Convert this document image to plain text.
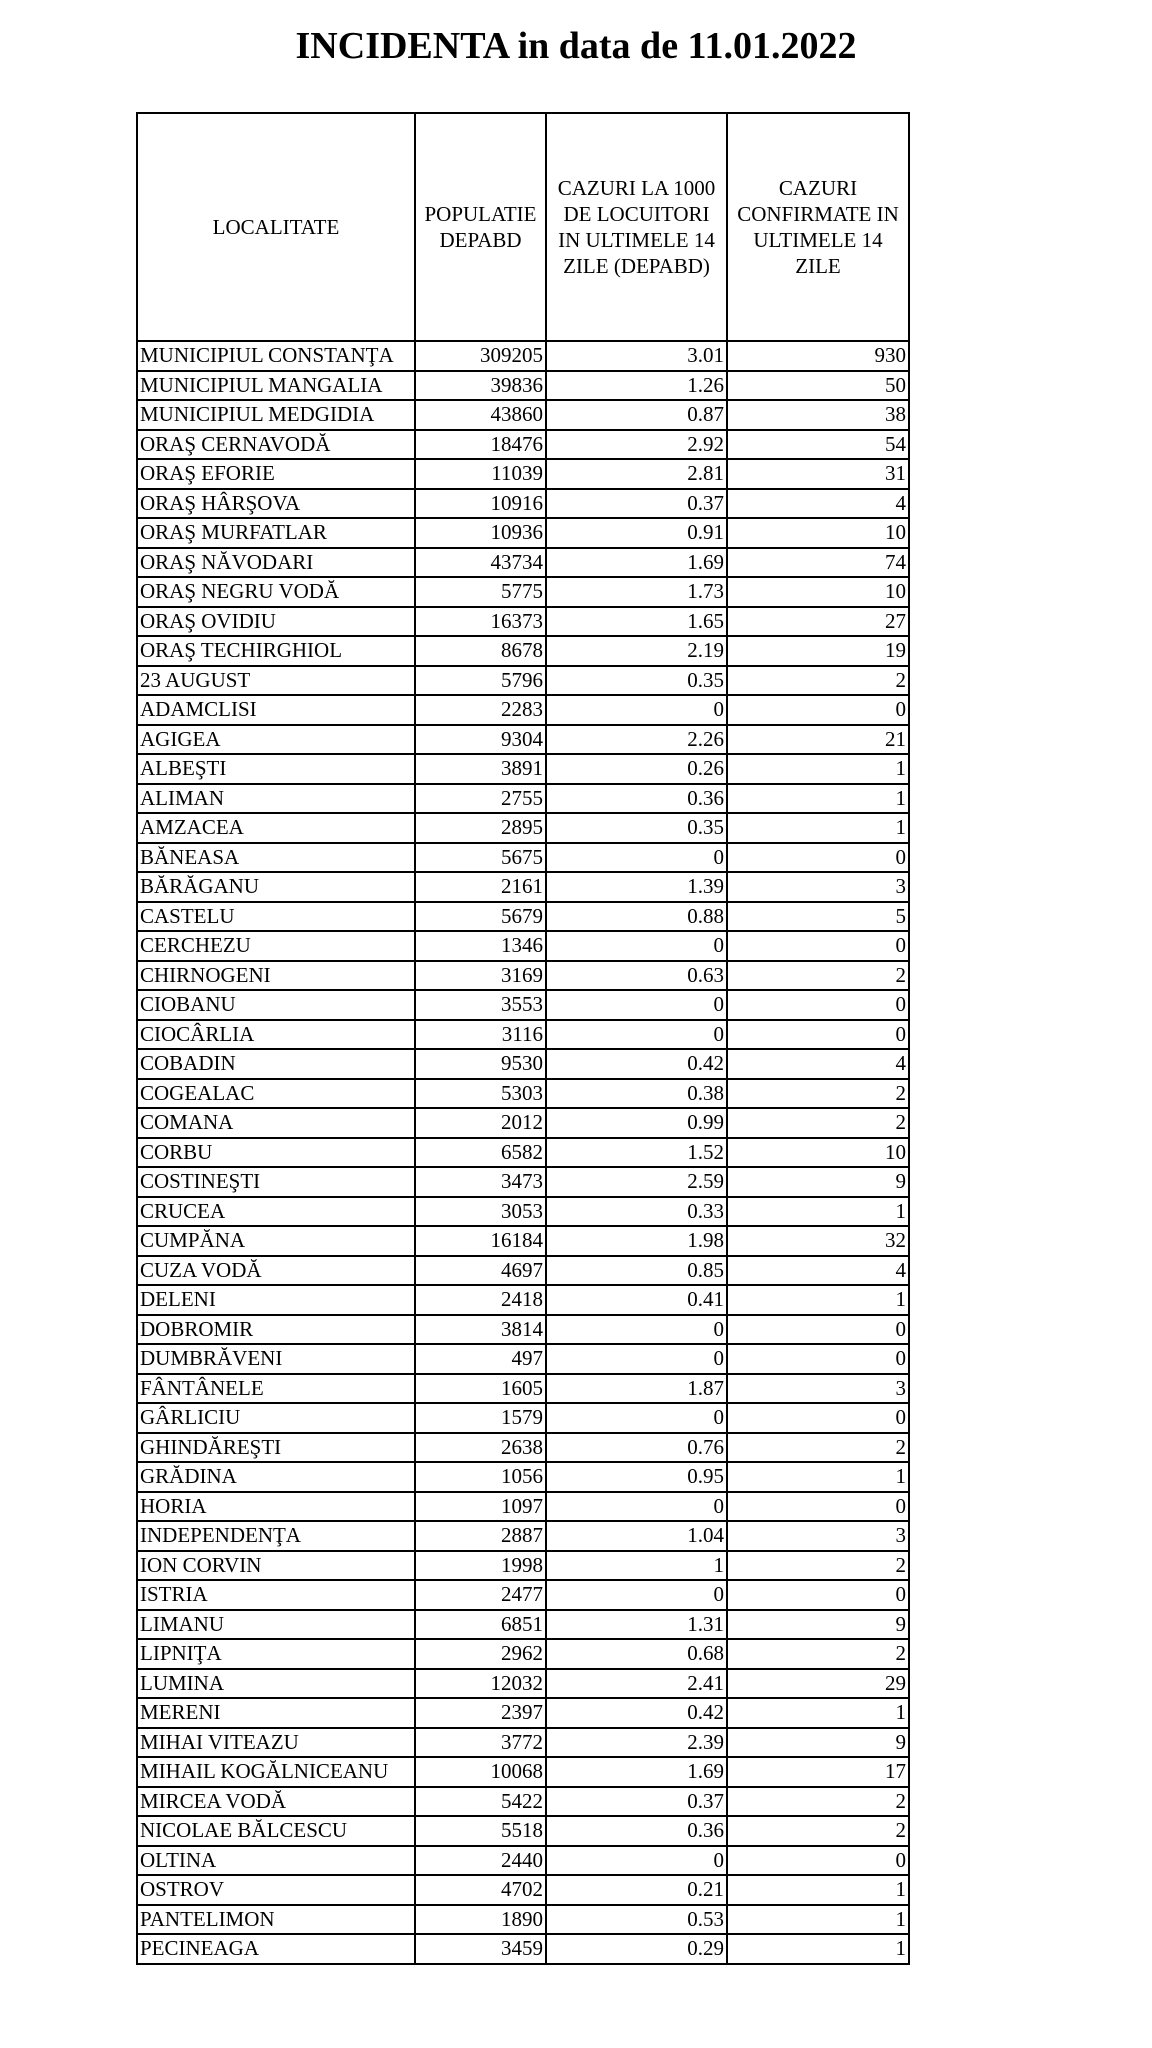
INCIDENTA in data de 11.01.2022
LOCALITATE	POPULATIE DEPABD	CAZURI LA 1000 DE LOCUITORI IN ULTIMELE 14 ZILE (DEPABD)	CAZURI CONFIRMATE IN ULTIMELE 14 ZILE
MUNICIPIUL CONSTANŢA	309205	3.01	930
MUNICIPIUL MANGALIA	39836	1.26	50
MUNICIPIUL MEDGIDIA	43860	0.87	38
ORAŞ CERNAVODĂ	18476	2.92	54
ORAŞ EFORIE	11039	2.81	31
ORAŞ HÂRŞOVA	10916	0.37	4
ORAŞ MURFATLAR	10936	0.91	10
ORAŞ NĂVODARI	43734	1.69	74
ORAŞ NEGRU VODĂ	5775	1.73	10
ORAŞ OVIDIU	16373	1.65	27
ORAŞ TECHIRGHIOL	8678	2.19	19
23 AUGUST	5796	0.35	2
ADAMCLISI	2283	0	0
AGIGEA	9304	2.26	21
ALBEŞTI	3891	0.26	1
ALIMAN	2755	0.36	1
AMZACEA	2895	0.35	1
BĂNEASA	5675	0	0
BĂRĂGANU	2161	1.39	3
CASTELU	5679	0.88	5
CERCHEZU	1346	0	0
CHIRNOGENI	3169	0.63	2
CIOBANU	3553	0	0
CIOCÂRLIA	3116	0	0
COBADIN	9530	0.42	4
COGEALAC	5303	0.38	2
COMANA	2012	0.99	2
CORBU	6582	1.52	10
COSTINEŞTI	3473	2.59	9
CRUCEA	3053	0.33	1
CUMPĂNA	16184	1.98	32
CUZA VODĂ	4697	0.85	4
DELENI	2418	0.41	1
DOBROMIR	3814	0	0
DUMBRĂVENI	497	0	0
FÂNTÂNELE	1605	1.87	3
GÂRLICIU	1579	0	0
GHINDĂREŞTI	2638	0.76	2
GRĂDINA	1056	0.95	1
HORIA	1097	0	0
INDEPENDENŢA	2887	1.04	3
ION CORVIN	1998	1	2
ISTRIA	2477	0	0
LIMANU	6851	1.31	9
LIPNIŢA	2962	0.68	2
LUMINA	12032	2.41	29
MERENI	2397	0.42	1
MIHAI VITEAZU	3772	2.39	9
MIHAIL KOGĂLNICEANU	10068	1.69	17
MIRCEA VODĂ	5422	0.37	2
NICOLAE BĂLCESCU	5518	0.36	2
OLTINA	2440	0	0
OSTROV	4702	0.21	1
PANTELIMON	1890	0.53	1
PECINEAGA	3459	0.29	1
